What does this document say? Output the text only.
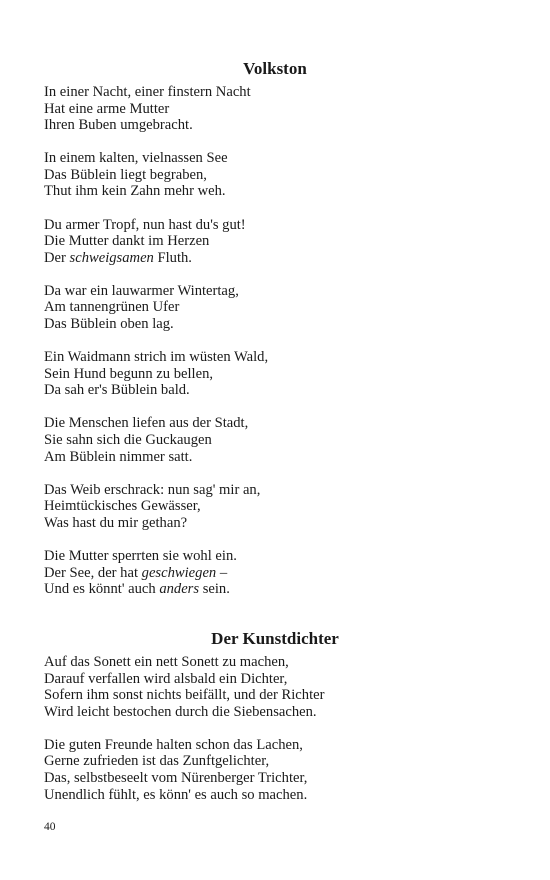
Volkston
In einer Nacht, einer finstern Nacht
Hat eine arme Mutter
Ihren Buben umgebracht.
In einem kalten, vielnassen See
Das Büblein liegt begraben,
Thut ihm kein Zahn mehr weh.
Du armer Tropf, nun hast du's gut!
Die Mutter dankt im Herzen
Der schweigsamen Fluth.
Da war ein lauwarmer Wintertag,
Am tannengrünen Ufer
Das Büblein oben lag.
Ein Waidmann strich im wüsten Wald,
Sein Hund begunn zu bellen,
Da sah er's Büblein bald.
Die Menschen liefen aus der Stadt,
Sie sahn sich die Guckaugen
Am Büblein nimmer satt.
Das Weib erschrack: nun sag' mir an,
Heimtückisches Gewässer,
Was hast du mir gethan?
Die Mutter sperrten sie wohl ein.
Der See, der hat geschwiegen –
Und es könnt' auch anders sein.
Der Kunstdichter
Auf das Sonett ein nett Sonett zu machen,
Darauf verfallen wird alsbald ein Dichter,
Sofern ihm sonst nichts beifällt, und der Richter
Wird leicht bestochen durch die Siebensachen.
Die guten Freunde halten schon das Lachen,
Gerne zufrieden ist das Zunftgelichter,
Das, selbstbeseelt vom Nürenberger Trichter,
Unendlich fühlt, es könn' es auch so machen.
40
